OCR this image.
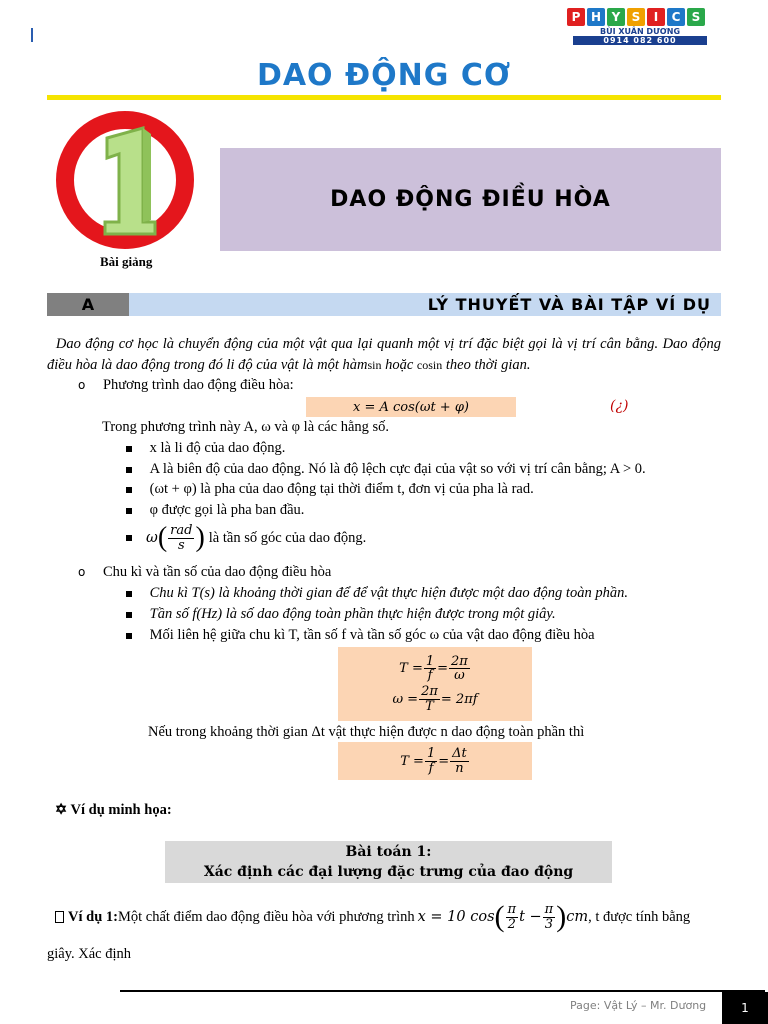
P H Y S	I	C S
BÙI XUÂN DƯƠNG
0914 082 600
DAO ĐỘNG CƠ
Bài giảng
DAO ĐỘNG ĐIỀU HÒA
A	LÝ THUYẾT VÀ BÀI TẬP VÍ DỤ
Dao động cơ học là chuyển động của một vật qua lại quanh một vị trí đặc biệt gọi là vị trí cân bằng. Dao động điều hòa là dao động trong đó li độ của vật là một hàmsin hoặc cosin theo thời gian.
o Phương trình dao động điều hòa:
x = A cos(ωt + φ)	(¿)
Trong phương trình này A, ω và φ là các hằng số.
x là li độ của dao động.
A là biên độ của dao động. Nó là độ lệch cực đại của vật so với vị trí cân bằng; A > 0.
(ωt + φ) là pha của dao động tại thời điểm t, đơn vị của pha là rad.
φ được gọi là pha ban đầu.
ω ( $\frac{\text{rad}}{s}$ ) là tần số góc của dao động.
o Chu kì và tần số của dao động điều hòa
Chu kì T(s) là khoảng thời gian để để vật thực hiện được một dao động toàn phần.
Tần số f(Hz) là số dao động toàn phần thực hiện được trong một giây.
Mối liên hệ giữa chu kì T, tần số f và tần số góc ω của vật dao động điều hòa
$T = \frac{1}{f} = \frac{2\pi}{\omega}$
$\omega = \frac{2\pi}{T} = 2\pi f$
Nếu trong khoảng thời gian Δt vật thực hiện được n dao động toàn phần thì
$T = \frac{1}{f} = \frac{\Delta t}{n}$
✡ Ví dụ minh họa:
Bài toán 1:
Xác định các đại lượng đặc trưng của đao động
Ví dụ 1: Một chất điểm dao động điều hòa với phương trình x = 10 cos ( $\frac{\pi}{2}$ $t - \frac{\pi}{3}$ ) cm , t được tính bằng
giây. Xác định
Page: Vật Lý – Mr. Dương	1
